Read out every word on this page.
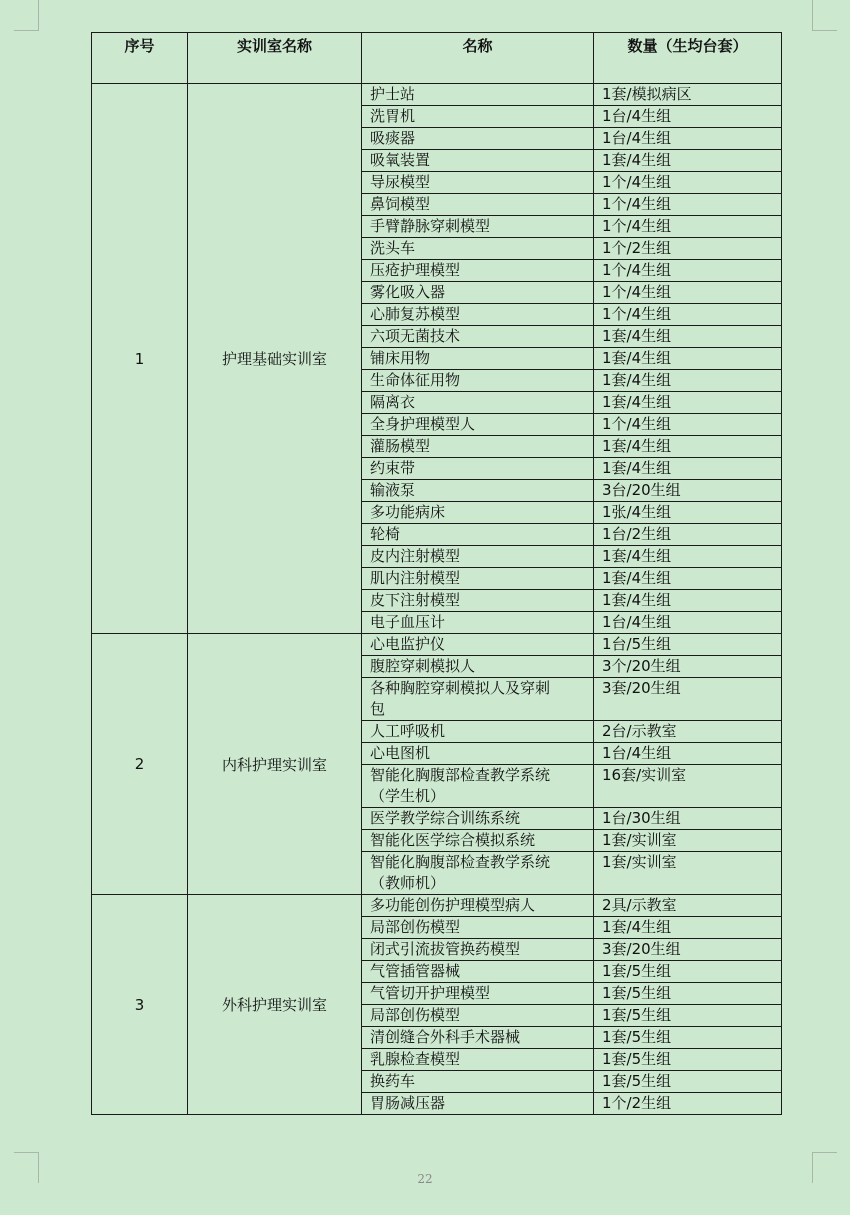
序号	实训室名称	名称	数量（生均台套）
1	护理基础实训室	护士站	1套/模拟病区

		洗胃机	1台/4生组

		吸痰器	1台/4生组

		吸氧装置	1套/4生组

		导尿模型	1个/4生组

		鼻饲模型	1个/4生组

		手臂静脉穿刺模型	1个/4生组

		洗头车	1个/2生组

		压疮护理模型	1个/4生组

		雾化吸入器	1个/4生组

		心肺复苏模型	1个/4生组

		六项无菌技术	1套/4生组

		铺床用物	1套/4生组

		生命体征用物	1套/4生组

		隔离衣	1套/4生组

		全身护理模型人	1个/4生组

		灌肠模型	1套/4生组

		约束带	1套/4生组

		输液泵	3台/20生组

		多功能病床	1张/4生组

		轮椅	1台/2生组

		皮内注射模型	1套/4生组

		肌内注射模型	1套/4生组

		皮下注射模型	1套/4生组

		电子血压计	1台/4生组
2	内科护理实训室	心电监护仪	1台/5生组

		腹腔穿刺模拟人	3个/20生组

		各种胸腔穿刺模拟人及穿刺
包	3套/20生组

		人工呼吸机	2台/示教室

		心电图机	1台/4生组

		智能化胸腹部检查教学系统
（学生机）	16套/实训室

		医学教学综合训练系统	1台/30生组

		智能化医学综合模拟系统	1套/实训室

		智能化胸腹部检查教学系统
（教师机）	1套/实训室
3	外科护理实训室	多功能创伤护理模型病人	2具/示教室

		局部创伤模型	1套/4生组

		闭式引流拔管换药模型	3套/20生组

		气管插管器械	1套/5生组

		气管切开护理模型	1套/5生组

		局部创伤模型	1套/5生组

		清创缝合外科手术器械	1套/5生组

		乳腺检查模型	1套/5生组

		换药车	1套/5生组

		胃肠减压器	1个/2生组
22
